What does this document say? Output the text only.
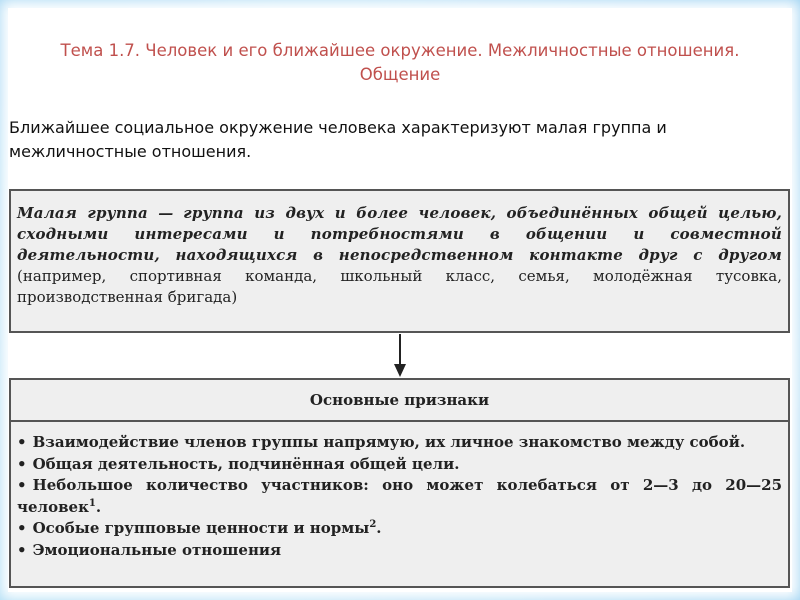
Тема 1.7. Человек и его ближайшее окружение. Межличностные отношения.
Общение
Ближайшее социальное окружение человека характеризуют малая группа и межличностные отношения.
Малая группа — группа из двух и более человек, объединённых общей целью, сходными интересами и потребностями в общении и совместной деятельности, находящихся в непосредственном контакте друг с другом (например, спортивная команда, школьный класс, семья, молодёжная тусовка, производственная бригада)
Основные признаки
• Взаимодействие членов группы напрямую, их личное знакомство между собой.
• Общая деятельность, подчинённая общей цели.
• Небольшое количество участников: оно может колебаться от 2—3 до 20—25 человек$^1$.
• Особые групповые ценности и нормы$^2$.
• Эмоциональные отношения
